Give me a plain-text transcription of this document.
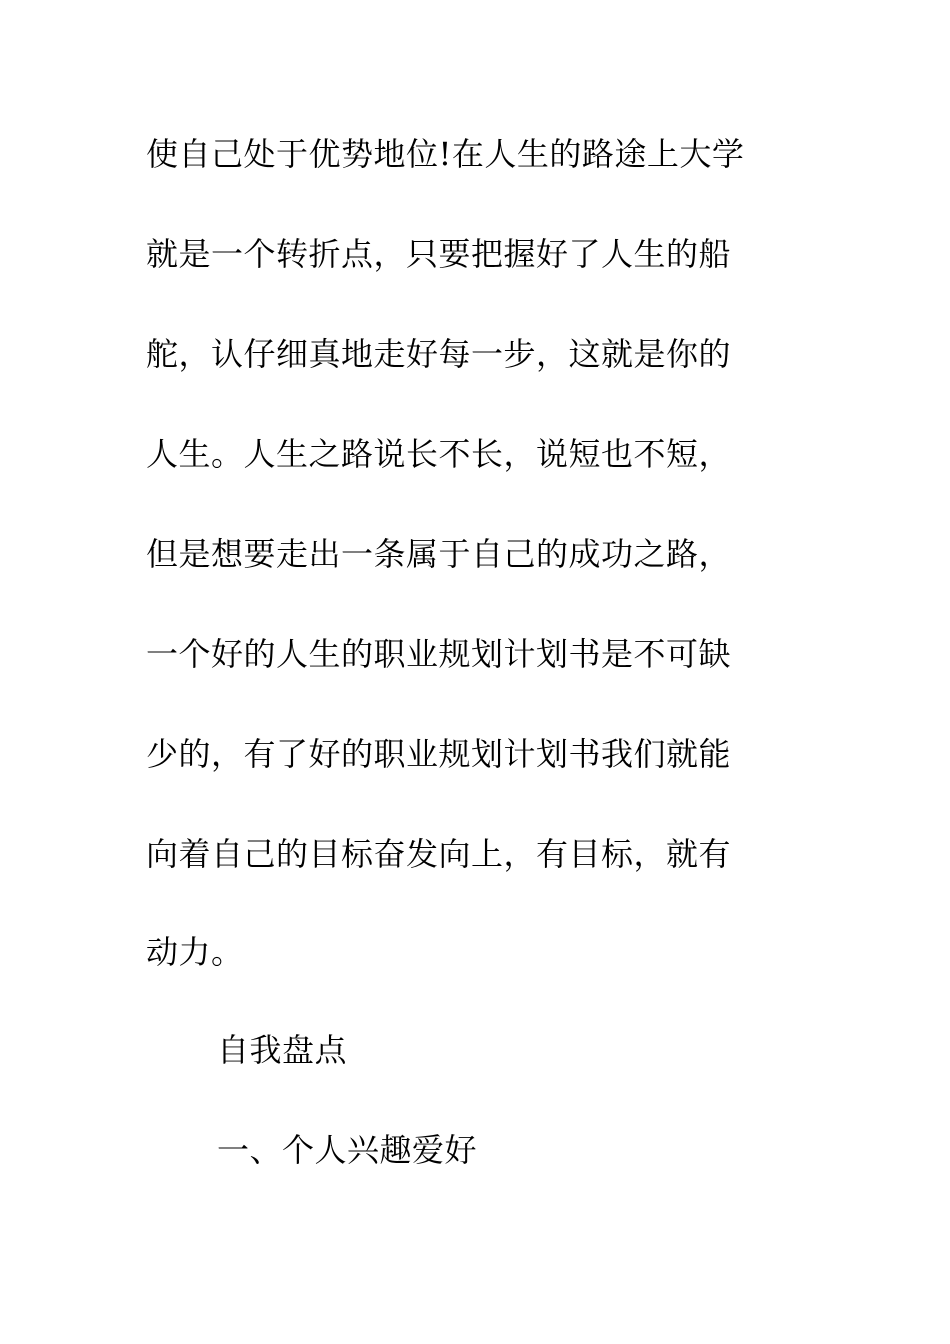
使自己处于优势地位!在人生的路途上大学
就是一个转折点，只要把握好了人生的船
舵，认仔细真地走好每一步，这就是你的
人生。人生之路说长不长，说短也不短，
但是想要走出一条属于自己的成功之路，
一个好的人生的职业规划计划书是不可缺
少的，有了好的职业规划计划书我们就能
向着自己的目标奋发向上，有目标，就有
动力。
自我盘点
一、个人兴趣爱好
